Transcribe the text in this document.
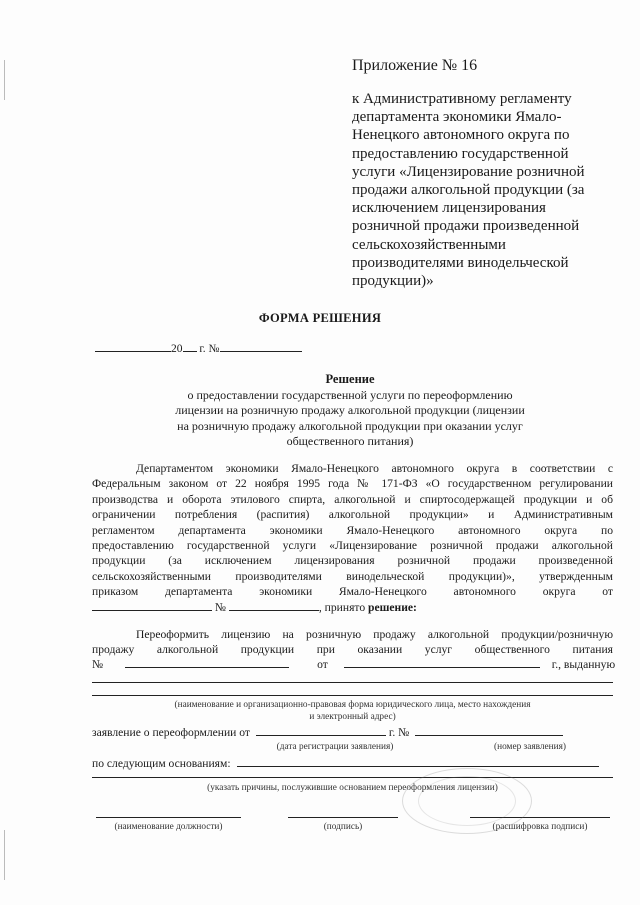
Приложение № 16
к Административному регламенту
департамента экономики Ямало-
Ненецкого автономного округа по
предоставлению государственной
услуги «Лицензирование розничной
продажи алкогольной продукции (за
исключением лицензирования
розничной продажи произведенной
сельскохозяйственными
производителями винодельческой
продукции)»
ФОРМА РЕШЕНИЯ
20 г. №
Решение
о предоставлении государственной услуги по переоформлению
лицензии на розничную продажу алкогольной продукции (лицензии
на розничную продажу алкогольной продукции при оказании услуг
общественного питания)
Департаментом экономики Ямало-Ненецкого автономного округа в соответствии с
Федеральным законом от 22 ноября 1995 года № 171-ФЗ «О государственном регулировании
производства и оборота этилового спирта, алкогольной и спиртосодержащей продукции и об
ограничении потребления (распития) алкогольной продукции» и Административным
регламентом департамента экономики Ямало-Ненецкого автономного округа по
предоставлению государственной услуги «Лицензирование розничной продажи алкогольной
продукции (за исключением лицензирования розничной продажи произведенной
сельскохозяйственными производителями винодельческой продукции)», утвержденным
приказом департамента экономики Ямало-Ненецкого автономного округа от
№	, принято решение:
Переоформить лицензию на розничную продажу алкогольной продукции/розничную
продажу алкогольной продукции при оказании услуг общественного питания
№	от	г., выданную
(наименование и организационно-правовая форма юридического лица, место нахождения
и электронный адрес)
заявление о переоформлении от	г. №
(дата регистрации заявления)	(номер заявления)
по следующим основаниям:
(указать причины, послужившие основанием переоформления лицензии)
(наименование должности)	(подпись)	(расшифровка подписи)
